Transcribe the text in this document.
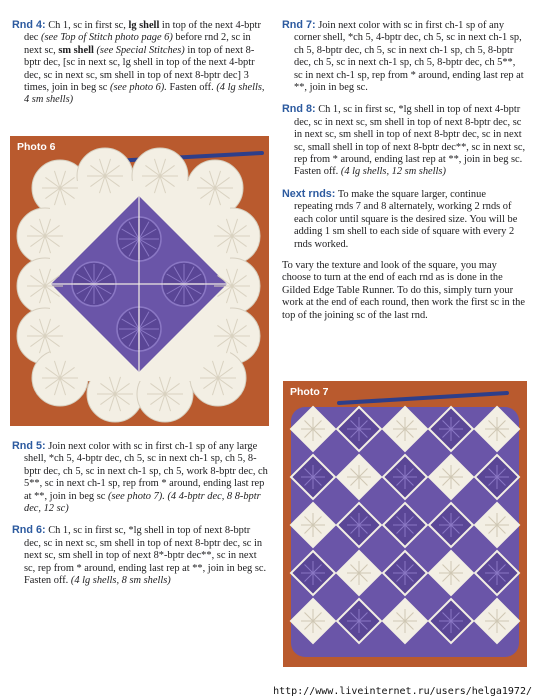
Rnd 4: Ch 1, sc in first sc, lg shell in top of the next 4-bptr dec (see Top of Stitch photo page 6) before rnd 2, sc in next sc, sm shell (see Special Stitches) in top of next 8-bptr dec, [sc in next sc, lg shell in top of the next 4-bptr dec, sc in next sc, sm shell in top of next 8-bptr dec] 3 times, join in beg sc (see photo 6). Fasten off. (4 lg shells, 4 sm shells)
Photo 6
Rnd 5: Join next color with sc in first ch-1 sp of any large shell, *ch 5, 4-bptr dec, ch 5, sc in next ch-1 sp, ch 5, 8-bptr dec, ch 5, sc in next ch-1 sp, ch 5, work 8-bptr dec, ch 5**, sc in next ch-1 sp, rep from * around, ending last rep at **, join in beg sc (see photo 7). (4 4-bptr dec, 8 8-bptr dec, 12 sc)
Rnd 6: Ch 1, sc in first sc, *lg shell in top of next 8-bptr dec, sc in next sc, sm shell in top of next 8-bptr dec, sc in next sc, sm shell in top of next 8*-bptr dec**, sc in next sc, rep from * around, ending last rep at **, join in beg sc. Fasten off. (4 lg shells, 8 sm shells)
Rnd 7: Join next color with sc in first ch-1 sp of any corner shell, *ch 5, 4-bptr dec, ch 5, sc in next ch-1 sp, ch 5, 8-bptr dec, ch 5, sc in next ch-1 sp, ch 5, 8-bptr dec, ch 5, sc in next ch-1 sp, ch 5, 8-bptr dec, ch 5**, sc in next ch-1 sp, rep from * around, ending last rep at **, join in beg sc.
Rnd 8: Ch 1, sc in first sc, *lg shell in top of next 4-bptr dec, sc in next sc, sm shell in top of next 8-bptr dec, sc in next sc, sm shell in top of next 8-bptr dec, sc in next sc, small shell in top of next 8-bptr dec**, sc in next sc, rep from * around, ending last rep at **, join in beg sc. Fasten off. (4 lg shells, 12 sm shells)
Next rnds: To make the square larger, continue repeating rnds 7 and 8 alternately, working 2 rnds of each color until square is the desired size. You will be adding 1 sm shell to each side of square with every 2 rnds worked.
To vary the texture and look of the square, you may choose to turn at the end of each rnd as is done in the Gilded Edge Table Runner. To do this, simply turn your work at the end of each round, then work the first sc in the top of the joining sc of the last rnd.
Photo 7
http://www.liveinternet.ru/users/helga1972/
